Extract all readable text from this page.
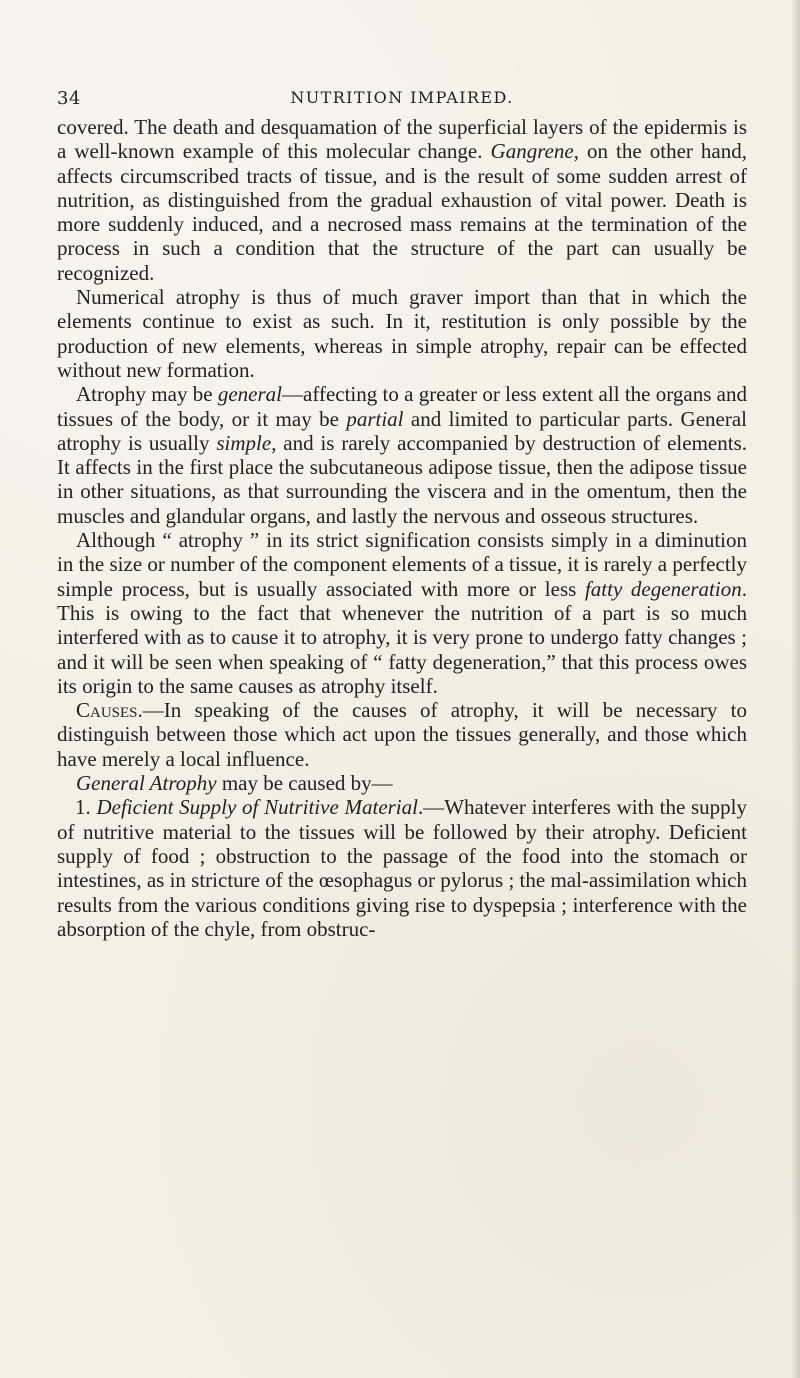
34	NUTRITION IMPAIRED.

covered. The death and desquamation of the superficial layers of the epidermis is a well-known example of this molecular change. Gangrene, on the other hand, affects circumscribed tracts of tissue, and is the result of some sudden arrest of nutrition, as distinguished from the gradual exhaustion of vital power. Death is more suddenly induced, and a necrosed mass remains at the termination of the process in such a condition that the structure of the part can usually be recognized.

Numerical atrophy is thus of much graver import than that in which the elements continue to exist as such. In it, restitution is only possible by the production of new elements, whereas in simple atrophy, repair can be effected without new formation.

Atrophy may be general—affecting to a greater or less extent all the organs and tissues of the body, or it may be partial and limited to particular parts. General atrophy is usually simple, and is rarely accompanied by destruction of elements. It affects in the first place the subcutaneous adipose tissue, then the adipose tissue in other situations, as that surrounding the viscera and in the omentum, then the muscles and glandular organs, and lastly the nervous and osseous structures.

Although “ atrophy ” in its strict signification consists simply in a diminution in the size or number of the component elements of a tissue, it is rarely a perfectly simple process, but is usually associated with more or less fatty degeneration. This is owing to the fact that whenever the nutrition of a part is so much interfered with as to cause it to atrophy, it is very prone to undergo fatty changes ; and it will be seen when speaking of “ fatty degeneration,” that this process owes its origin to the same causes as atrophy itself.

Causes.—In speaking of the causes of atrophy, it will be necessary to distinguish between those which act upon the tissues generally, and those which have merely a local influence.

General Atrophy may be caused by—

1. Deficient Supply of Nutritive Material.—Whatever interferes with the supply of nutritive material to the tissues will be followed by their atrophy. Deficient supply of food ; obstruction to the passage of the food into the stomach or intestines, as in stricture of the œsophagus or pylorus ; the mal-assimilation which results from the various conditions giving rise to dyspepsia ; interference with the absorption of the chyle, from obstruc-
